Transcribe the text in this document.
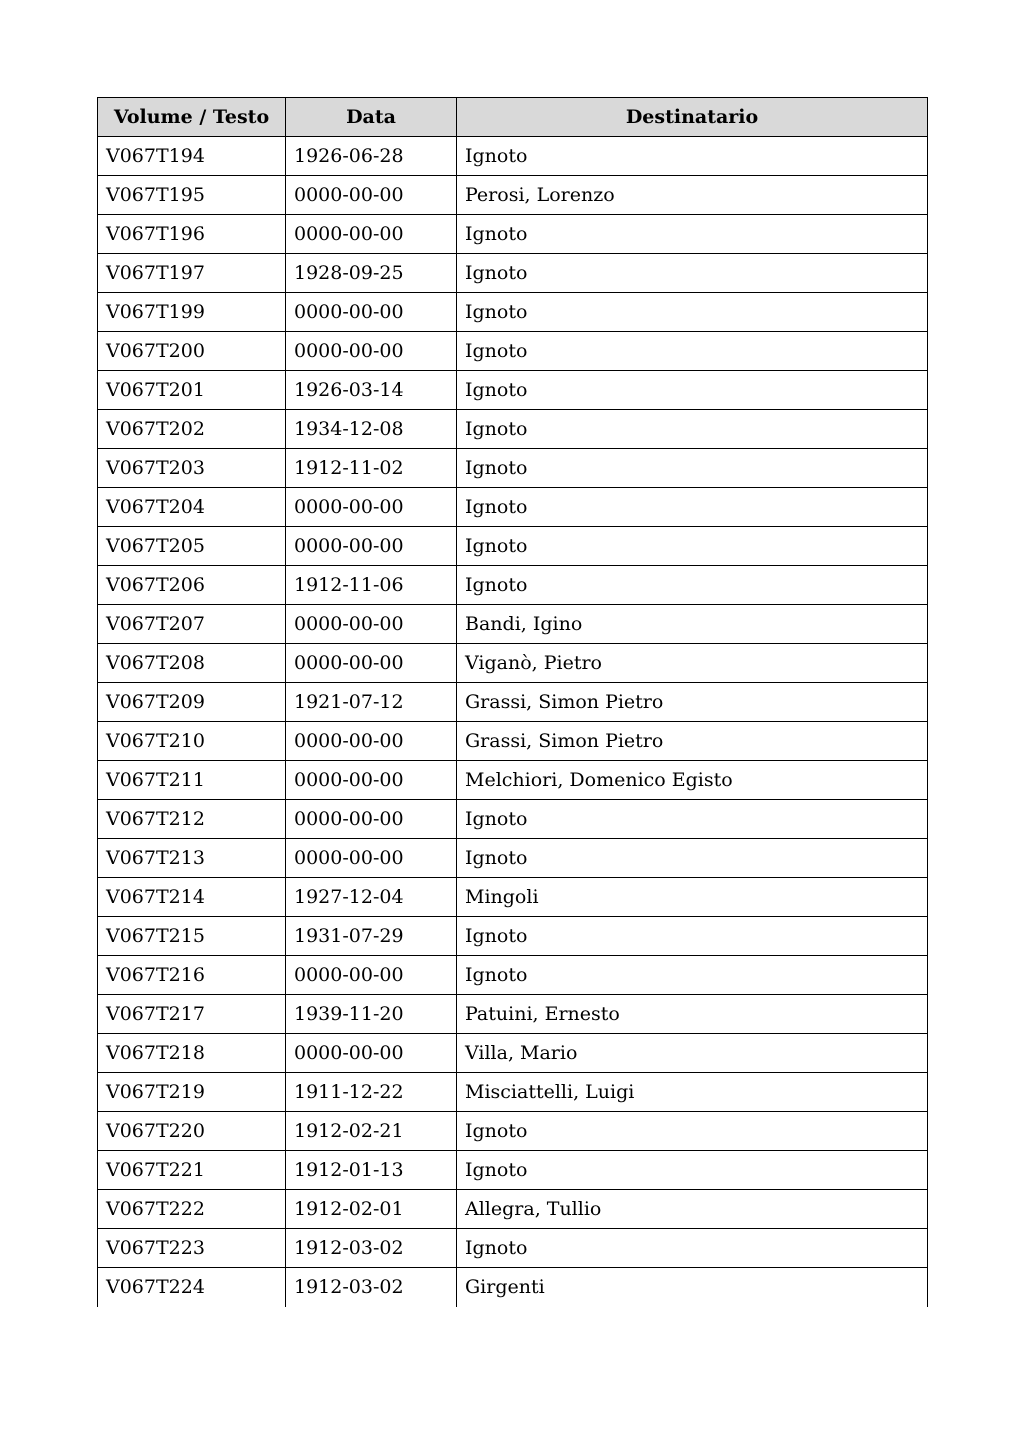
Volume / Testo	Data	Destinatario
V067T194	1926-06-28	Ignoto
V067T195	0000-00-00	Perosi, Lorenzo
V067T196	0000-00-00	Ignoto
V067T197	1928-09-25	Ignoto
V067T199	0000-00-00	Ignoto
V067T200	0000-00-00	Ignoto
V067T201	1926-03-14	Ignoto
V067T202	1934-12-08	Ignoto
V067T203	1912-11-02	Ignoto
V067T204	0000-00-00	Ignoto
V067T205	0000-00-00	Ignoto
V067T206	1912-11-06	Ignoto
V067T207	0000-00-00	Bandi, Igino
V067T208	0000-00-00	Viganò, Pietro
V067T209	1921-07-12	Grassi, Simon Pietro
V067T210	0000-00-00	Grassi, Simon Pietro
V067T211	0000-00-00	Melchiori, Domenico Egisto
V067T212	0000-00-00	Ignoto
V067T213	0000-00-00	Ignoto
V067T214	1927-12-04	Mingoli
V067T215	1931-07-29	Ignoto
V067T216	0000-00-00	Ignoto
V067T217	1939-11-20	Patuini, Ernesto
V067T218	0000-00-00	Villa, Mario
V067T219	1911-12-22	Misciattelli, Luigi
V067T220	1912-02-21	Ignoto
V067T221	1912-01-13	Ignoto
V067T222	1912-02-01	Allegra, Tullio
V067T223	1912-03-02	Ignoto
V067T224	1912-03-02	Girgenti
